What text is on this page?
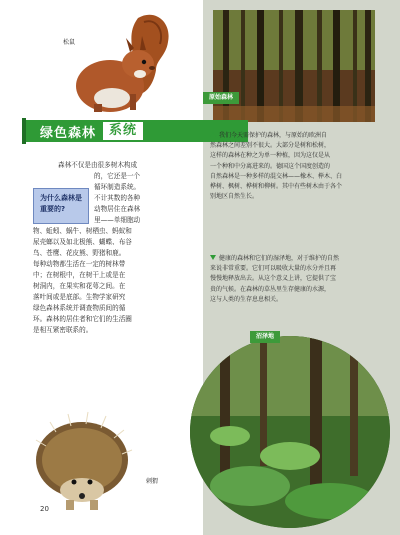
松鼠
原始森林
绿色森林	系统
为什么森林是重要的?
森林不仅是由很多树木构成
的，它还是一个
循环制造系统。
不计其数的各种
动物居住在森林
里——单细胞动
物、蚯蚓、蜗牛、树栖虫、蚂蚁和
尿壳螂以及如北极熊、蝴蝶、布谷
鸟、苍鹰、花皮熊、野猪和鹿。
每种动物都生活在一定的树林带
中；在树根中，在树干上或是在
树洞内，在果实和花萼之间。在
落叶间或是底部。生物学家研究
绿色森林系统并调查物质间的循
环。森林的居住者和它们的生活圈
是相互紧密联系的。
我们今天需保护的森林，与原始的欧洲自
然森林之间差别不很大。大部分是树和松树，
这样的森林在种之为单一种植，因为这仅是从
一个种和中分离进来的。德国这个国度创造的
自然森林是一种多样的混交林——橡木、榉木、白
桦树、枫树、桦树和柳树。其中有些树木由于各个
别地区自然生长。
健康的森林和它们的湿泽地，对于维护的自然
来说非常重要。它们可以吸收大量的水分并且再
慢慢地释放出去。从这个意义上讲，它提供了宝
贵的气候。在森林的草丛里生存健康的水源，
这与人类的生存息息相关。
沼泽地
刺猬
20
